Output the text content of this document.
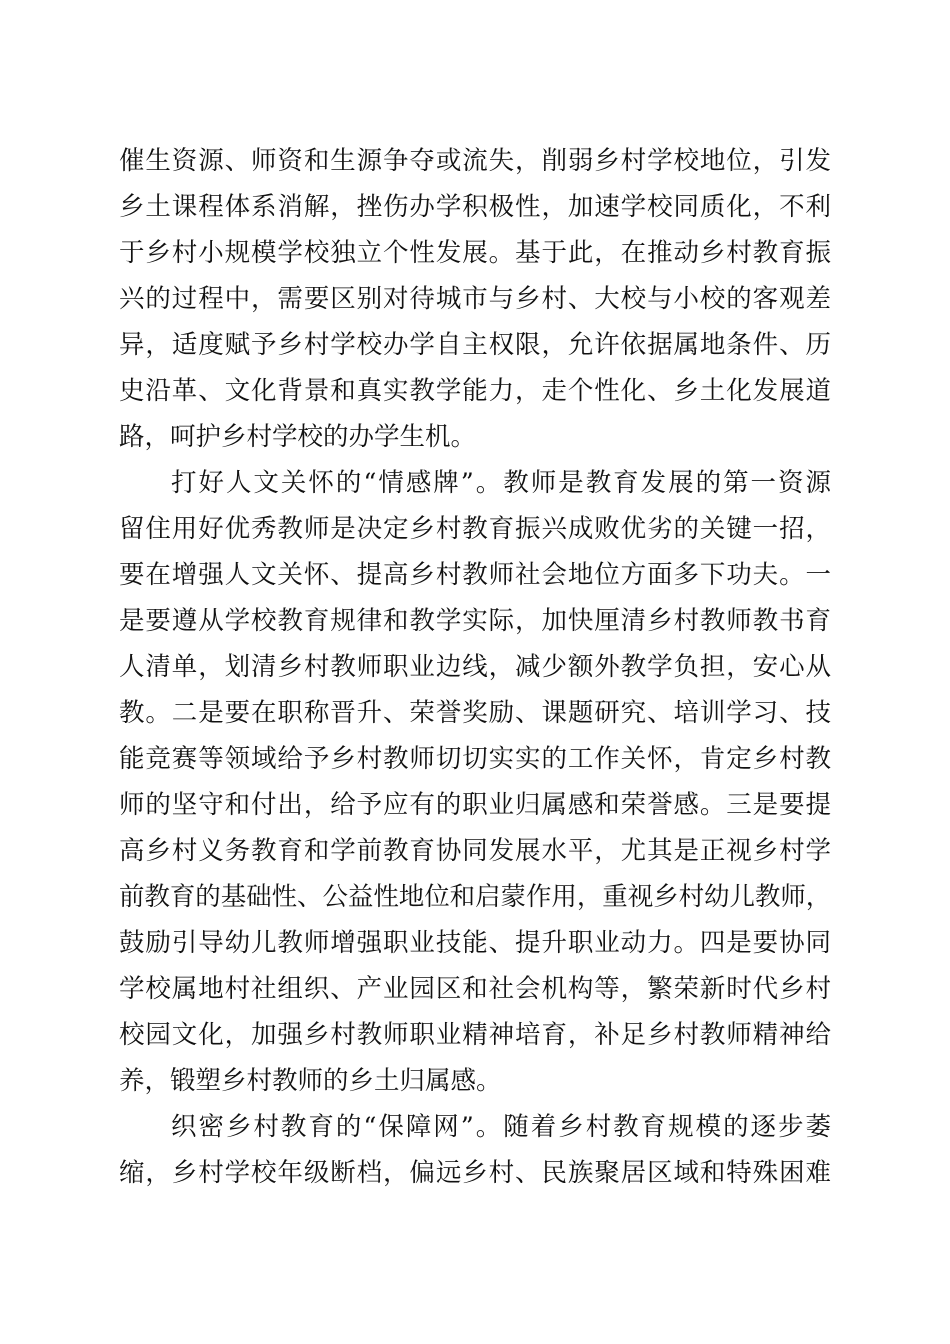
催生资源、师资和生源争夺或流失，削弱乡村学校地位，引发
乡土课程体系消解，挫伤办学积极性，加速学校同质化，不利
于乡村小规模学校独立个性发展。基于此，在推动乡村教育振
兴的过程中，需要区别对待城市与乡村、大校与小校的客观差
异，适度赋予乡村学校办学自主权限，允许依据属地条件、历
史沿革、文化背景和真实教学能力，走个性化、乡土化发展道
路，呵护乡村学校的办学生机。
打好人文关怀的“情感牌”。教师是教育发展的第一资源
留住用好优秀教师是决定乡村教育振兴成败优劣的关键一招，
要在增强人文关怀、提高乡村教师社会地位方面多下功夫。一
是要遵从学校教育规律和教学实际，加快厘清乡村教师教书育
人清单，划清乡村教师职业边线，减少额外教学负担，安心从
教。二是要在职称晋升、荣誉奖励、课题研究、培训学习、技
能竞赛等领域给予乡村教师切切实实的工作关怀，肯定乡村教
师的坚守和付出，给予应有的职业归属感和荣誉感。三是要提
高乡村义务教育和学前教育协同发展水平，尤其是正视乡村学
前教育的基础性、公益性地位和启蒙作用，重视乡村幼儿教师，
鼓励引导幼儿教师增强职业技能、提升职业动力。四是要协同
学校属地村社组织、产业园区和社会机构等，繁荣新时代乡村
校园文化，加强乡村教师职业精神培育，补足乡村教师精神给
养，锻塑乡村教师的乡土归属感。
织密乡村教育的“保障网”。随着乡村教育规模的逐步萎
缩，乡村学校年级断档，偏远乡村、民族聚居区域和特殊困难
